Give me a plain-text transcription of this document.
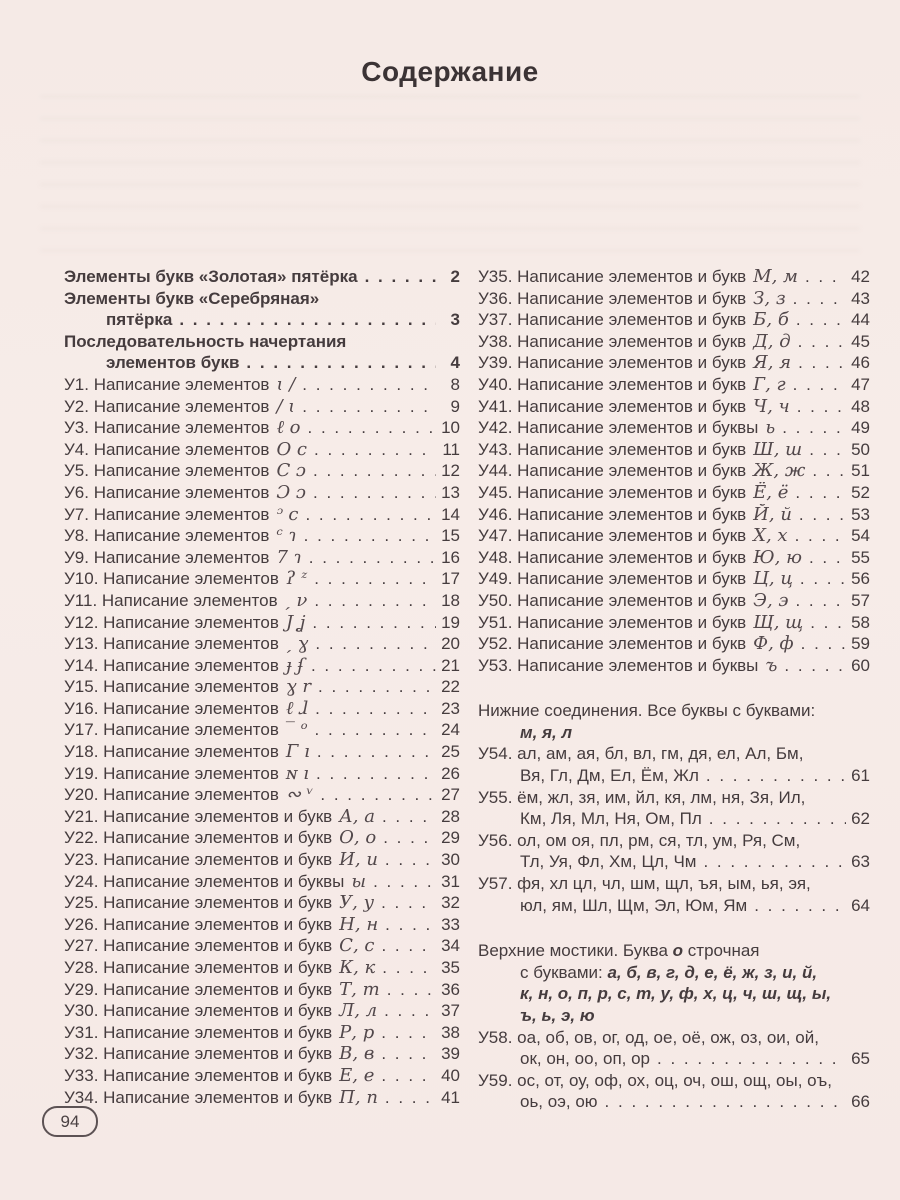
Содержание
Элементы букв «Золотая» пятёрка . . .	2
Элементы букв «Серебряная»
пятёрка . . .	3
Последовательность начертания
элементов букв . . .	4
У1. Написание элементов ɩ / . . .	8
У2. Написание элементов / ɩ . . .	9
У3. Написание элементов ℓ o . . .	10
У4. Написание элементов O c . . .	11
У5. Написание элементов C ɔ . . .	12
У6. Написание элементов Ɔ ɔ . . .	13
У7. Написание элементов ᵓ c . . .	14
У8. Написание элементов ᶜ ɿ . . .	15
У9. Написание элементов 7 ɿ . . .	16
У10. Написание элементов ʔ ᶻ . . .	17
У11. Написание элементов ˏ ν . . .	18
У12. Написание элементов J ʝ . . .	19
У13. Написание элементов ˏ ɣ . . .	20
У14. Написание элементов ɟ ʄ . . .	21
У15. Написание элементов ɣ r . . .	22
У16. Написание элементов ℓ ɺ . . .	23
У17. Написание элементов ‾ ᵒ . . .	24
У18. Написание элементов Γ ı . . .	25
У19. Написание элементов ɴ ı . . .	26
У20. Написание элементов ∾ ᵛ . . .	27
У21. Написание элементов и букв А, а . . .	28
У22. Написание элементов и букв О, о . . .	29
У23. Написание элементов и букв И, и . . .	30
У24. Написание элементов и буквы ы . . .	31
У25. Написание элементов и букв У, у . . .	32
У26. Написание элементов и букв Н, н . . .	33
У27. Написание элементов и букв С, с . . .	34
У28. Написание элементов и букв К, к . . .	35
У29. Написание элементов и букв Т, т . . .	36
У30. Написание элементов и букв Л, л . . .	37
У31. Написание элементов и букв Р, р . . .	38
У32. Написание элементов и букв В, в . . .	39
У33. Написание элементов и букв Е, е . . .	40
У34. Написание элементов и букв П, п . . .	41
У35. Написание элементов и букв М, м . . .	42
У36. Написание элементов и букв З, з . . .	43
У37. Написание элементов и букв Б, б . . .	44
У38. Написание элементов и букв Д, д . . .	45
У39. Написание элементов и букв Я, я . . .	46
У40. Написание элементов и букв Г, г . . .	47
У41. Написание элементов и букв Ч, ч . . .	48
У42. Написание элементов и буквы ь . . .	49
У43. Написание элементов и букв Ш, ш . . .	50
У44. Написание элементов и букв Ж, ж . . .	51
У45. Написание элементов и букв Ё, ё . . .	52
У46. Написание элементов и букв Й, й . . .	53
У47. Написание элементов и букв Х, х . . .	54
У48. Написание элементов и букв Ю, ю . . .	55
У49. Написание элементов и букв Ц, ц . . .	56
У50. Написание элементов и букв Э, э . . .	57
У51. Написание элементов и букв Щ, щ . . .	58
У52. Написание элементов и букв Ф, ф . . .	59
У53. Написание элементов и буквы ъ . . .	60
Нижние соединения. Все буквы с буквами:
м, я, л
У54. ал, ам, ая, бл, вл, гм, дя, ел, Ал, Бм,
Вя, Гл, Дм, Ел, Ём, Жл . . .	61
У55. ём, жл, зя, им, йл, кя, лм, ня, Зя, Ил,
Км, Ля, Мл, Ня, Ом, Пл . . .	62
У56. ол, ом оя, пл, рм, ся, тл, ум, Ря, См,
Тл, Уя, Фл, Хм, Цл, Чм . . .	63
У57. фя, хл цл, чл, шм, щл, ъя, ым, ья, эя,
юл, ям, Шл, Щм, Эл, Юм, Ям . . .	64
Верхние мостики. Буква о строчная
с буквами: а, б, в, г, д, е, ё, ж, з, и, й,
к, н, о, п, р, с, т, у, ф, х, ц, ч, ш, щ, ы,
ъ, ь, э, ю
У58. оа, об, ов, ог, од, ое, оё, ож, оз, ои, ой,
ок, он, оо, оп, ор . . .	65
У59. ос, от, оу, оф, ох, оц, оч, ош, ощ, оы, оъ,
оь, оэ, ою . . .	66
94
